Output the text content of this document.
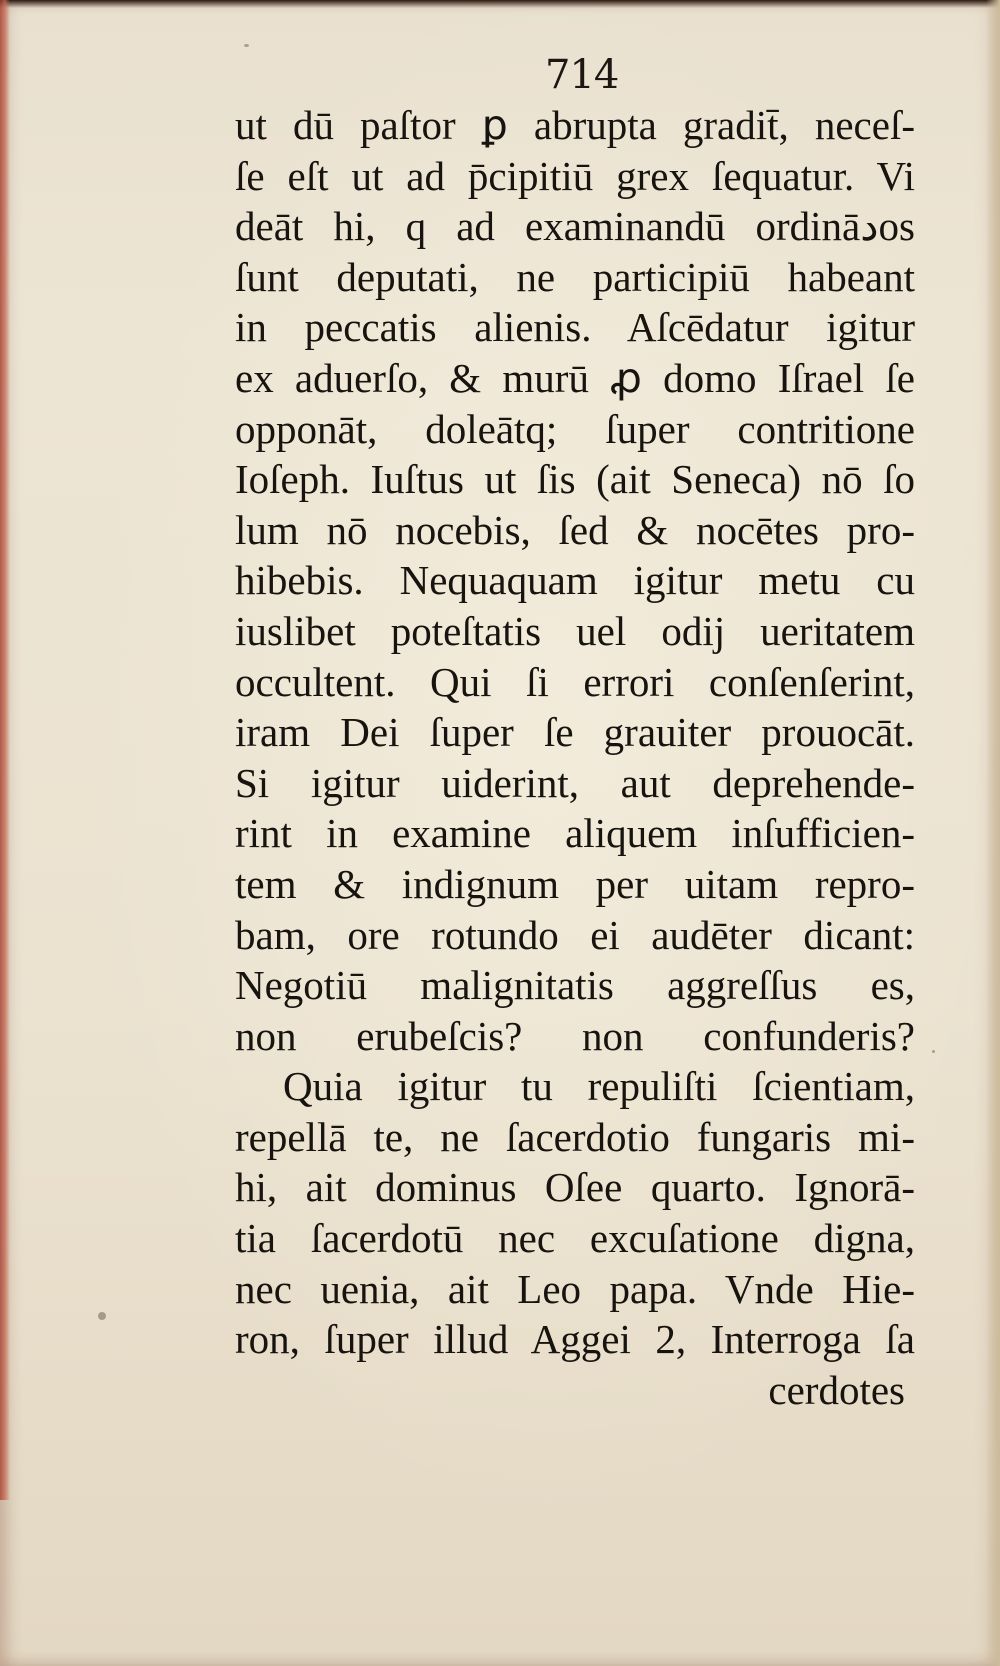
714
ut dū paſtor ꝑ abrupta gradit̄, neceſ-
ſe eſt ut ad p̄cipitiū grex ſequatur. Vi
deāt hi, q ad examinandū ordināدos
ſunt deputati, ne participiū habeant
in peccatis alienis. Aſcēdatur igitur
ex aduerſo, & murū ꝓ domo Iſrael ſe
opponāt, doleātq; ſuper contritione
Ioſeph. Iuſtus ut ſis (ait Seneca) nō ſo
lum nō nocebis, ſed & nocētes pro-
hibebis. Nequaquam igitur metu cu
iuslibet poteſtatis uel odij ueritatem
occultent. Qui ſi errori conſenſerint,
iram Dei ſuper ſe grauiter prouocāt.
Si igitur uiderint, aut deprehende-
rint in examine aliquem inſufficien-
tem & indignum per uitam repro-
bam, ore rotundo ei audēter dicant:
Negotiū malignitatis aggreſſus es,
non erubeſcis? non confunderis?
Quia igitur tu repuliſti ſcientiam,
repellā te, ne ſacerdotio fungaris mi-
hi, ait dominus Oſee quarto. Ignorā-
tia ſacerdotū nec excuſatione digna,
nec uenia, ait Leo papa. Vnde Hie-
ron, ſuper illud Aggei 2, Interroga ſa
cerdotes
